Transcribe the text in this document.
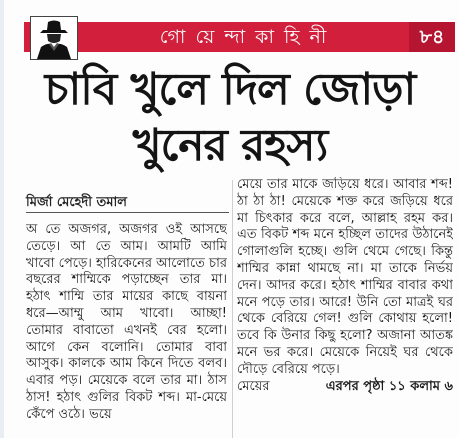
গো য়ে ন্দা কা হি নী	৮৪
চাবি খুলে দিল জোড়া
খুনের রহস্য
মির্জা মেহেদী তমাল

অ তে অজগর, অজগর ওই আসছে তেড়ে। আ তে আম। আমটি আমি খাবো পেড়ে। হারিকেনের আলোতে চার বছরের শাম্মিকে পড়াচ্ছেন তার মা। হঠাৎ শাম্মি তার মায়ের কাছে বায়না ধরে—আম্মু আম খাবো। আচ্ছা! তোমার বাবাতো এখনই বের হলো। আগে কেন বলোনি। তোমার বাবা আসুক। কালকে আম কিনে দিতে বলব। এবার পড়। মেয়েকে বলে তার মা। ঠাস ঠাস! হঠাৎ গুলির বিকট শব্দ। মা-মেয়ে কেঁপে ওঠে। ভয়ে

মেয়ে তার মাকে জড়িয়ে ধরে। আবার শব্দ! ঠা ঠা ঠা! মেয়েকে শক্ত করে জড়িয়ে ধরে মা চিৎকার করে বলে, আল্লাহ রহম কর। এত বিকট শব্দ মনে হচ্ছিল তাদের উঠানেই গোলাগুলি হচ্ছে। গুলি থেমে গেছে। কিন্তু শাম্মির কান্না থামছে না। মা তাকে নির্ভয় দেন। আদর করে। হঠাৎ শাম্মির বাবার কথা মনে পড়ে তার। আরে! উনি তো মাত্রই ঘর থেকে বেরিয়ে গেল! গুলি কোথায় হলো! তবে কি উনার কিছু হলো? অজানা আতঙ্ক মনে ভর করে। মেয়েকে নিয়েই ঘর থেকে দৌড়ে বেরিয়ে পড়ে।

মেয়ের	এরপর পৃষ্ঠা ১১ কলাম ৬
